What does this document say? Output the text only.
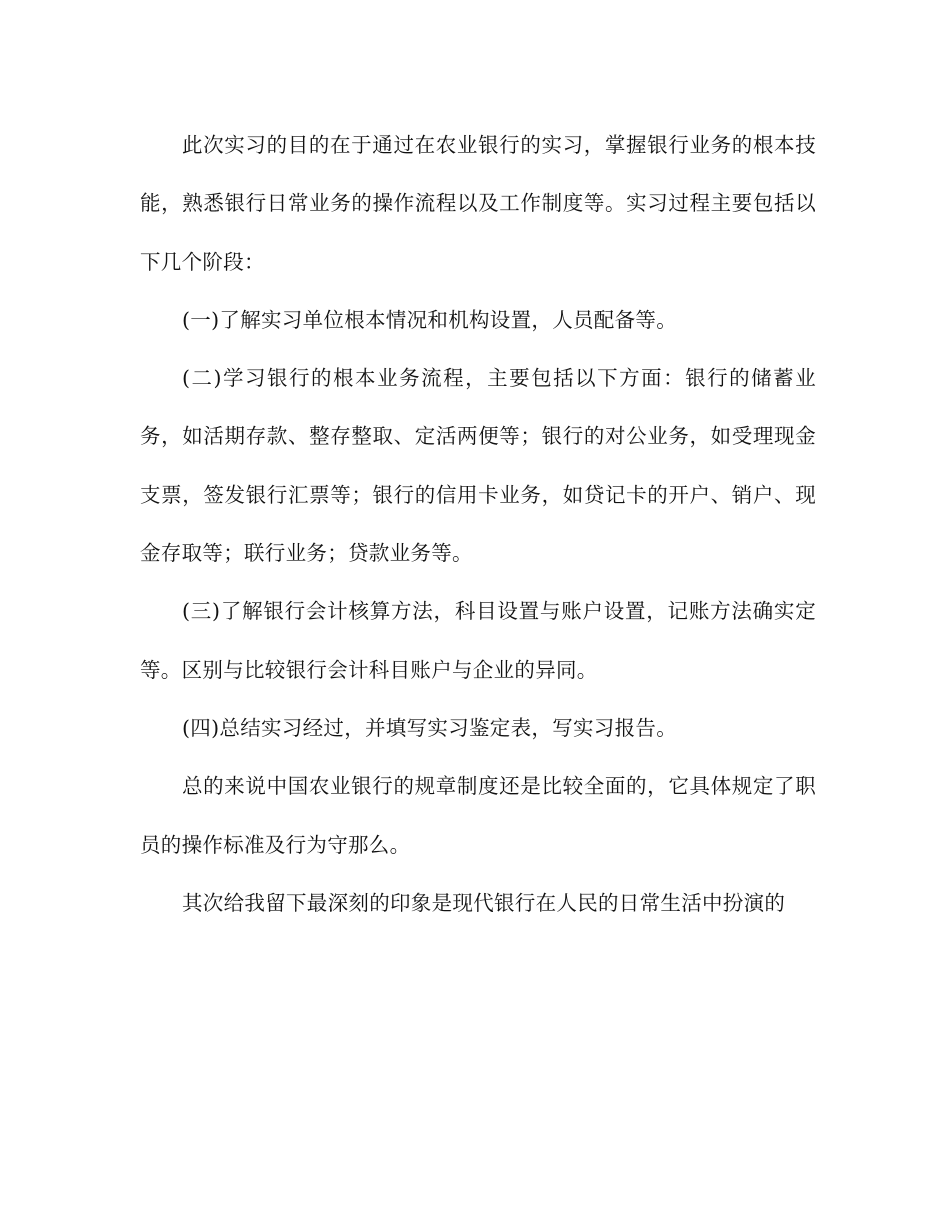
此次实习的目的在于通过在农业银行的实习，掌握银行业务的根本技能，熟悉银行日常业务的操作流程以及工作制度等。实习过程主要包括以下几个阶段：

(一)了解实习单位根本情况和机构设置，人员配备等。

(二)学习银行的根本业务流程，主要包括以下方面：银行的储蓄业务，如活期存款、整存整取、定活两便等；银行的对公业务，如受理现金支票，签发银行汇票等；银行的信用卡业务，如贷记卡的开户、销户、现金存取等；联行业务；贷款业务等。

(三)了解银行会计核算方法，科目设置与账户设置，记账方法确实定等。区别与比较银行会计科目账户与企业的异同。

(四)总结实习经过，并填写实习鉴定表，写实习报告。

总的来说中国农业银行的规章制度还是比较全面的，它具体规定了职员的操作标准及行为守那么。

其次给我留下最深刻的印象是现代银行在人民的日常生活中扮演的
